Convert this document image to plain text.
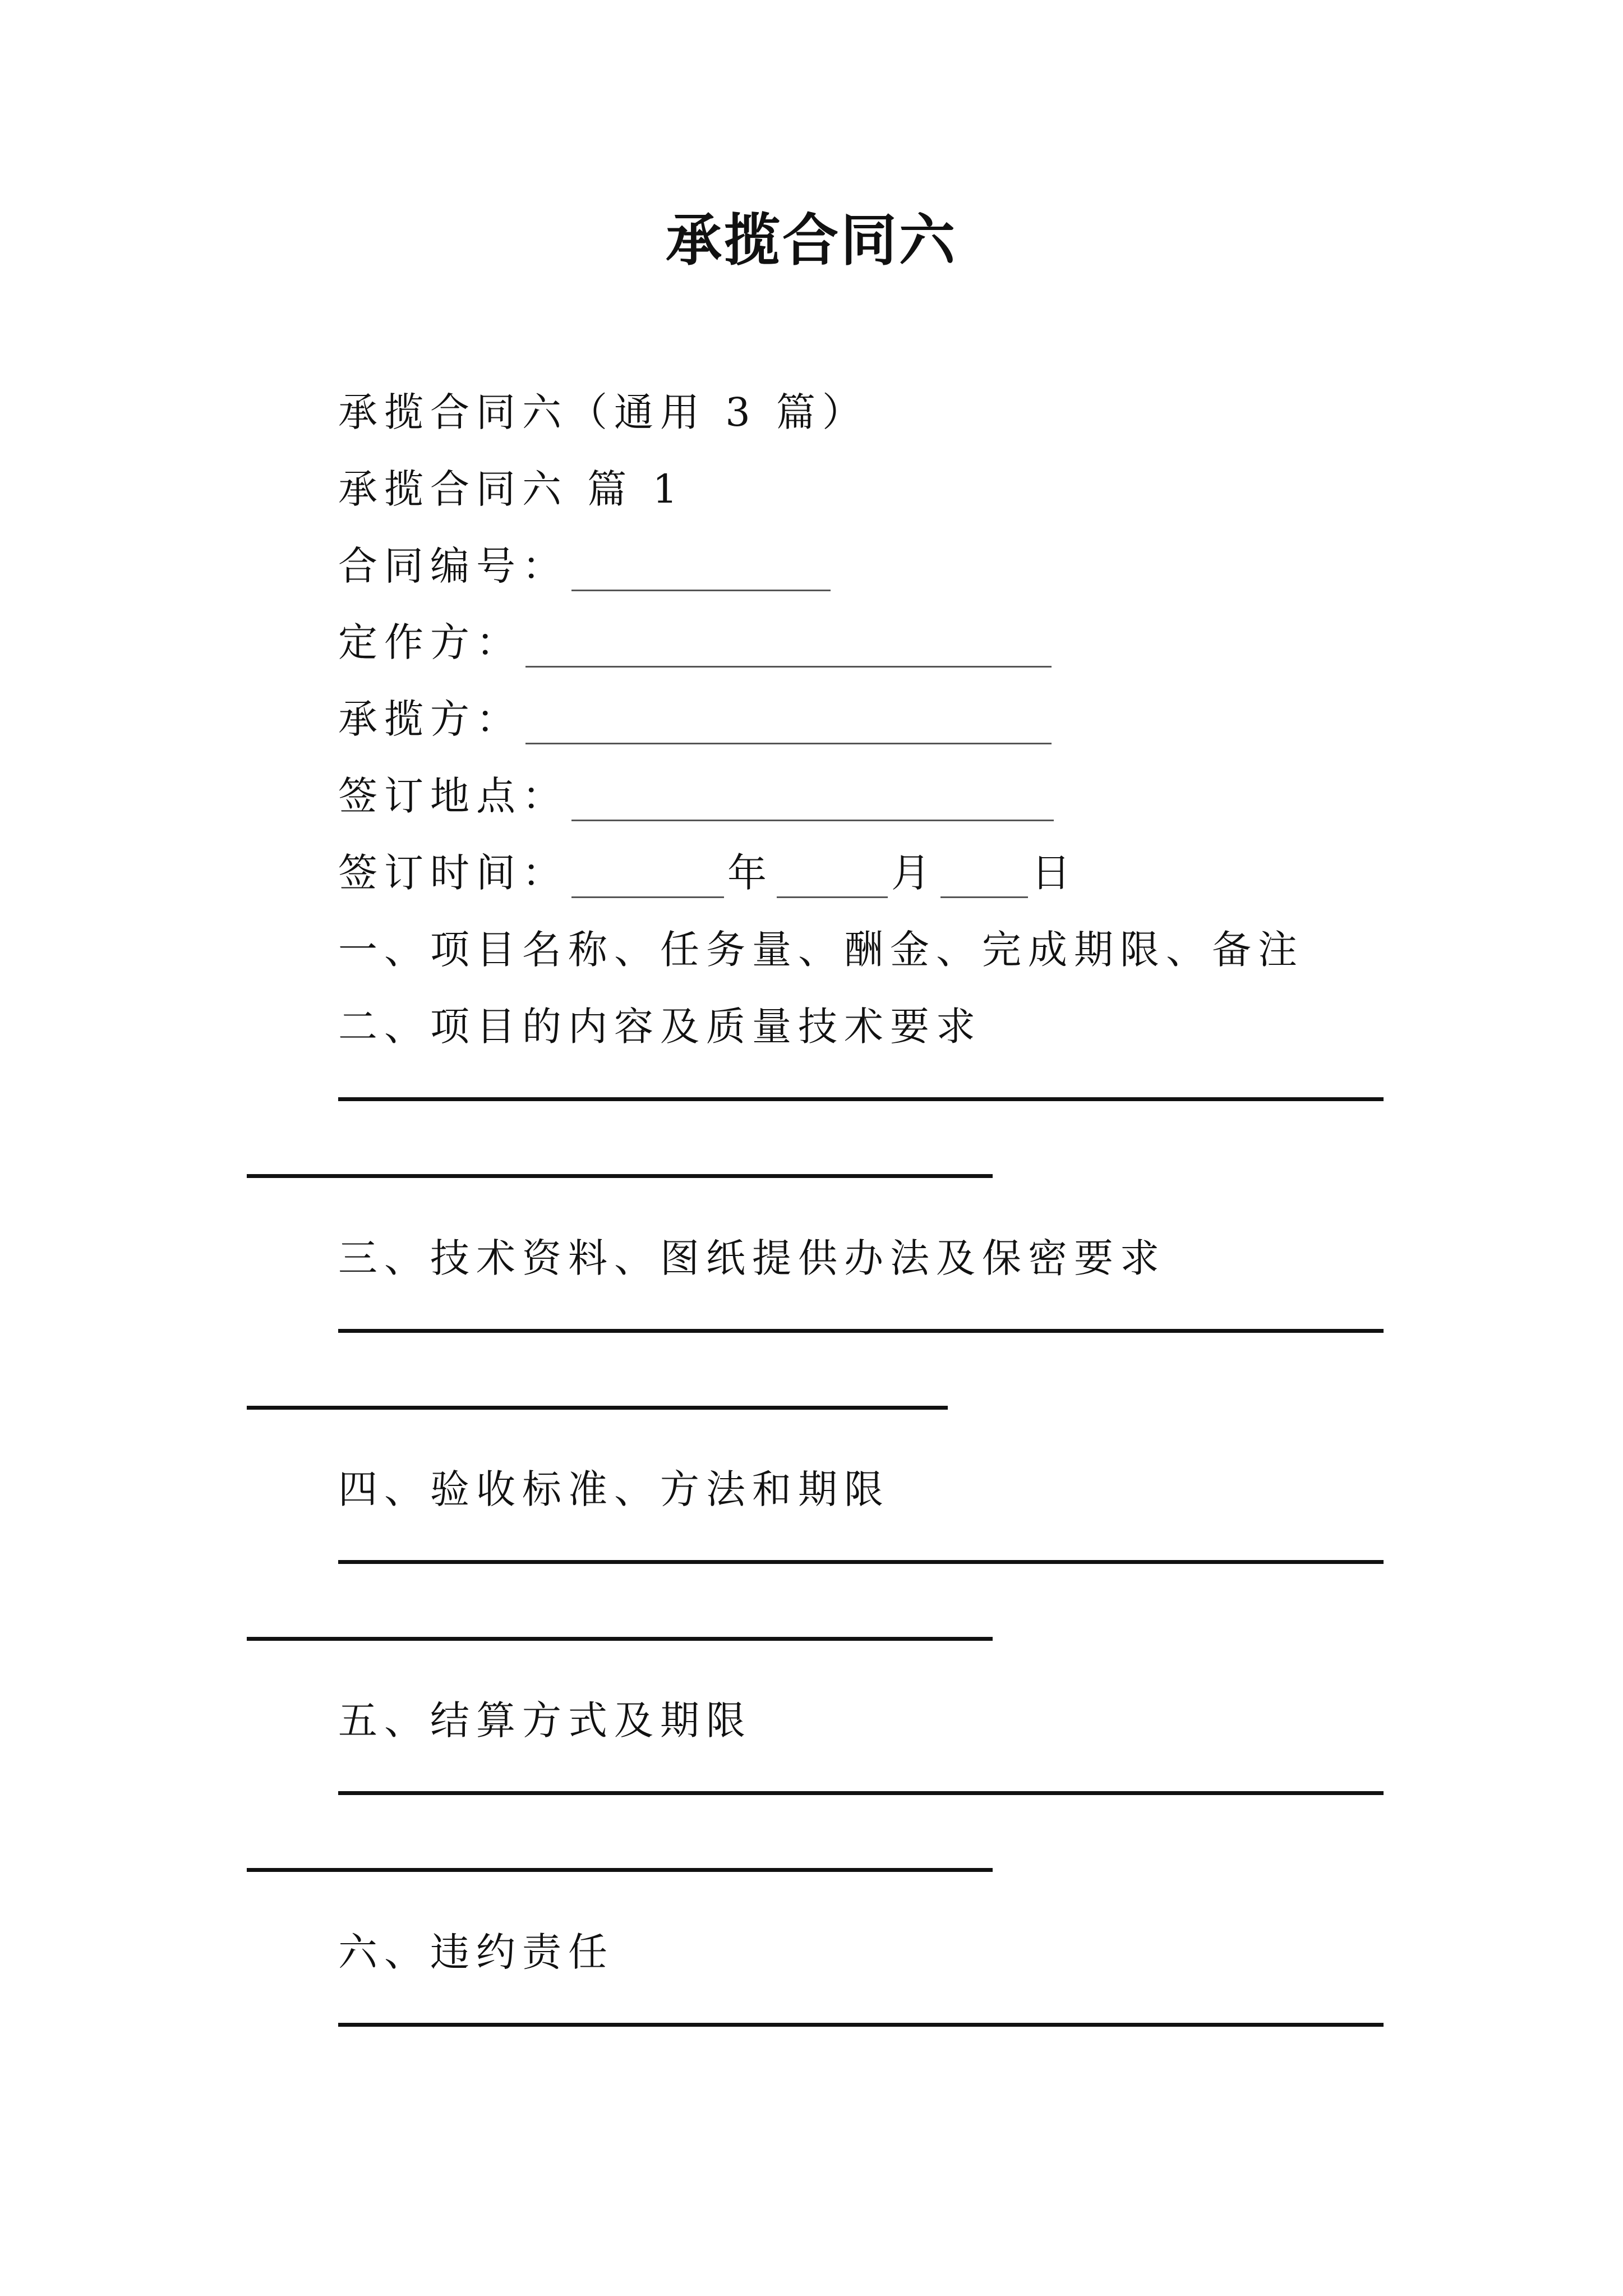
承揽合同六
承揽合同六（通用 3 篇）
承揽合同六 篇 1
合同编号：
定作方：
承揽方：
签订地点：
签订时间：	年	月 日
一、项目名称、任务量、酬金、完成期限、备注
二、项目的内容及质量技术要求
三、技术资料、图纸提供办法及保密要求
四、验收标准、方法和期限
五、结算方式及期限
六、违约责任
